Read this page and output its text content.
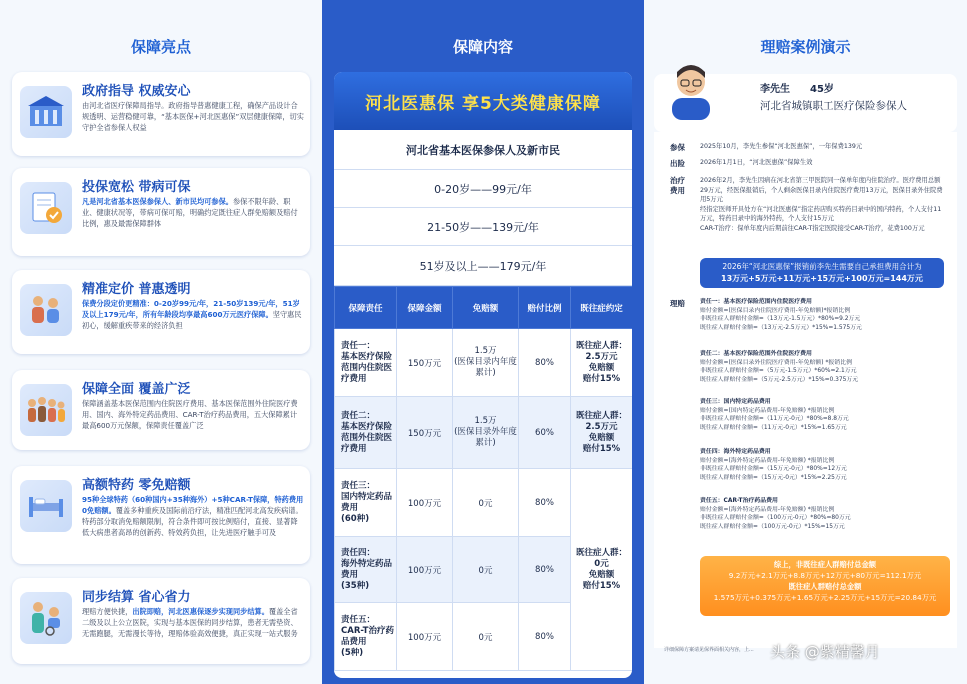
保障亮点
政府指导 权威安心
由河北省医疗保障局指导。政府指导普惠健康工程，确保产品设计合规透明、运营稳健可靠，“基本医保+河北医惠保”双层健康保障，切实守护全省参保人权益
投保宽松 带病可保
凡是河北省基本医保参保人、新市民均可参保。参保不限年龄、职业、健康状况等，带病可保可赔，明确约定既往症人群免赔额及赔付比例，惠及最需保障群体
精准定价 普惠透明
保费分段定价更精准：0-20岁99元/年，21-50岁139元/年，51岁及以上179元/年，所有年龄段均享最高600万元医疗保障。坚守惠民初心，缓解重疾带来的经济负担
保障全面 覆盖广泛
保障涵盖基本医保范围内住院医疗费用、基本医保范围外住院医疗费用、国内、海外特定药品费用、CAR-T治疗药品费用，五大保障累计最高600万元保额，保障责任覆盖广泛
高额特药 零免赔额
95种全球特药（60种国内+35种海外）+5种CAR-T保障，特药费用0免赔额。覆盖多种重疾及国际前沿疗法，精准匹配河北高发疾病谱。特药部分取消免赔额限制，符合条件即可按比例赔付，直接、显著降低大病患者高昂的创新药、特效药负担，让先进医疗触手可及
同步结算 省心省力
理赔方便快捷，出院即赔，河北医惠保逐步实现同步结算。覆盖全省二级及以上公立医院，实现与基本医保的同步结算，患者无需垫资、无需跑腿，无需漫长等待，理赔体验高效便捷，真正实现一站式服务
保障内容
河北医惠保 享5大类健康保障
河北省基本医保参保人及新市民
0-20岁——99元/年
21-50岁——139元/年
51岁及以上——179元/年
保障责任	保障金额	免赔额	赔付比例	既往症约定
责任一：
基本医疗保险范围内住院医疗费用	150万元	1.5万
(医保目录内年度累计)	80%	既往症人群：
2.5万元
免赔额
赔付15%
责任二：
基本医疗保险范围外住院医疗费用	150万元	1.5万
(医保目录外年度累计)	60%	既往症人群：
2.5万元
免赔额
赔付15%
责任三：
国内特定药品费用
(60种)	100万元	0元	80%	既往症人群：
0元
免赔额
赔付15%
责任四：
海外特定药品费用
(35种)	100万元	0元	80%	
责任五：
CAR-T治疗药品费用
(5种)	100万元	0元	80%	
理赔案例演示
李先生 45岁
河北省城镇职工医疗保险参保人
参保 2025年10月，李先生参保“河北医惠保”，一年保费139元
出险 2026年1月1日，“河北医惠保”保障生效
治疗费用
2026年2月，李先生因病在河北省第三甲医院同一保单年度内住院治疗。医疗费用总额29万元，经医保报销后，个人剩余医保目录内住院医疗费用13万元，医保目录外住院费用5万元
经指定医师开具处方在“河北医惠保”指定药店购买特药目录中的国内特药，个人支付11万元，特药目录中的海外特药，个人支付15万元
CAR-T治疗：保单年度内后期前往CAR-T指定医院接受CAR-T治疗，花费100万元
2026年“河北医惠保”报销前李先生需要自己承担费用合计为
13万元+5万元+11万元+15万元+100万元=144万元
理赔	责任一：基本医疗保险范围内住院医疗费用
赔付金额=(医保目录内住院医疗费用-年免赔额)*报销比例
非既往症人群赔付金额=（13万元-1.5万元）*80%=9.2万元
既往症人群赔付金额=（13万元-2.5万元）*15%=1.575万元
责任二：基本医疗保险范围外住院医疗费用
赔付金额=(医保目录外住院医疗费用-年免赔额) *报销比例
非既往症人群赔付金额=（5万元-1.5万元）*60%=2.1万元
既往症人群赔付金额=（5万元-2.5万元）*15%=0.375万元
责任三：国内特定药品费用
赔付金额=(国内特定药品费用-年免赔额) *报销比例
非既往症人群赔付金额=（11万元-0元）*80%=8.8万元
既往症人群赔付金额=（11万元-0元）*15%=1.65万元
责任四：海外特定药品费用
赔付金额=(海外特定药品费用-年免赔额) *报销比例
非既往症人群赔付金额=（15万元-0元）*80%=12万元
既往症人群赔付金额=（15万元-0元）*15%=2.25万元
责任五：CAR-T治疗药品费用
赔付金额=(海外特定药品费用-年免赔额) *报销比例
非既往症人群赔付金额=（100万元-0元）*80%=80万元
既往症人群赔付金额=（100万元-0元）*15%=15万元
综上，非既往症人群赔付总金额
9.2万元+2.1万元+8.8万元+12万元+80万元=112.1万元
既往症人群赔付总金额
1.575万元+0.375万元+1.65万元+2.25万元+15万元=20.84万元
详细保障方案请见保界面相关内容，上... 头条 @紫精馨月
